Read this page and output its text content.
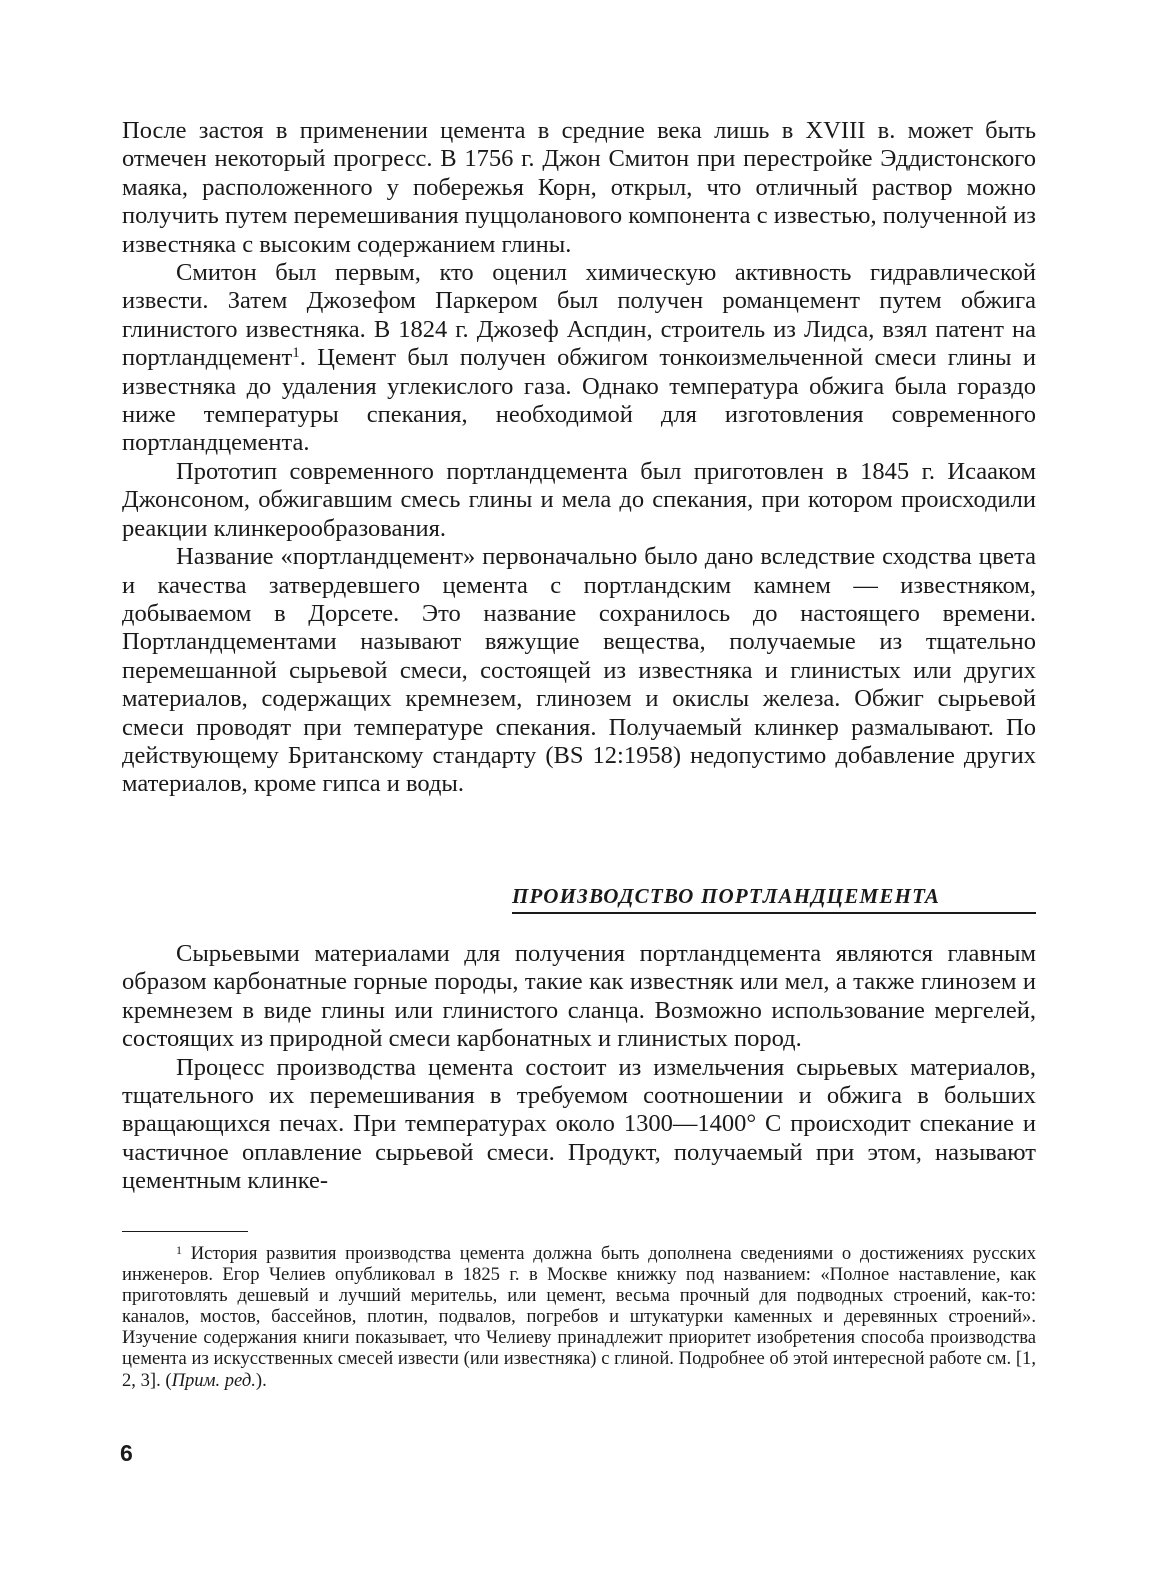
После застоя в применении цемента в средние века лишь в XVIII в. может быть отмечен некоторый прогресс. В 1756 г. Джон Смитон при перестройке Эддистонского маяка, расположенного у побережья Корн, открыл, что отличный раствор можно получить путем перемешивания пуццоланового компонента с известью, полученной из известняка с высоким содержанием глины.

Смитон был первым, кто оценил химическую активность гидравлической извести. Затем Джозефом Паркером был получен романцемент путем обжига глинистого известняка. В 1824 г. Джозеф Аспдин, строитель из Лидса, взял патент на портландцемент$^1$. Цемент был получен обжигом тонкоизмельченной смеси глины и известняка до удаления углекислого газа. Однако температура обжига была гораздо ниже температуры спекания, необходимой для изготовления современного портландцемента.

Прототип современного портландцемента был приготовлен в 1845 г. Исааком Джонсоном, обжигавшим смесь глины и мела до спекания, при котором происходили реакции клинкерообразования.

Название «портландцемент» первоначально было дано вследствие сходства цвета и качества затвердевшего цемента с портландским камнем — известняком, добываемом в Дорсете. Это название сохранилось до настоящего времени. Портландцементами называют вяжущие вещества, получаемые из тщательно перемешанной сырьевой смеси, состоящей из известняка и глинистых или других материалов, содержащих кремнезем, глинозем и окислы железа. Обжиг сырьевой смеси проводят при температуре спекания. Получаемый клинкер размалывают. По действующему Британскому стандарту (BS 12:1958) недопустимо добавление других материалов, кроме гипса и воды.

ПРОИЗВОДСТВО ПОРТЛАНДЦЕМЕНТА

Сырьевыми материалами для получения портландцемента являются главным образом карбонатные горные породы, такие как известняк или мел, а также глинозем и кремнезем в виде глины или глинистого сланца. Возможно использование мергелей, состоящих из природной смеси карбонатных и глинистых пород.

Процесс производства цемента состоит из измельчения сырьевых материалов, тщательного их перемешивания в требуемом соотношении и обжига в больших вращающихся печах. При температурах около 1300—1400° С происходит спекание и частичное оплавление сырьевой смеси. Продукт, получаемый при этом, называют цементным клинке-

$^1$ История развития производства цемента должна быть дополнена сведениями о достижениях русских инженеров. Егор Челиев опубликовал в 1825 г. в Москве книжку под названием: «Полное наставление, как приготовлять дешевый и лучший мерительь, или цемент, весьма прочный для подводных строений, как-то: каналов, мостов, бассейнов, плотин, подвалов, погребов и штукатурки каменных и деревянных строений». Изучение содержания книги показывает, что Челиеву принадлежит приоритет изобретения способа производства цемента из искусственных смесей извести (или известняка) с глиной. Подробнее об этой интересной работе см. [1, 2, 3]. (Прим. ред.).

6
